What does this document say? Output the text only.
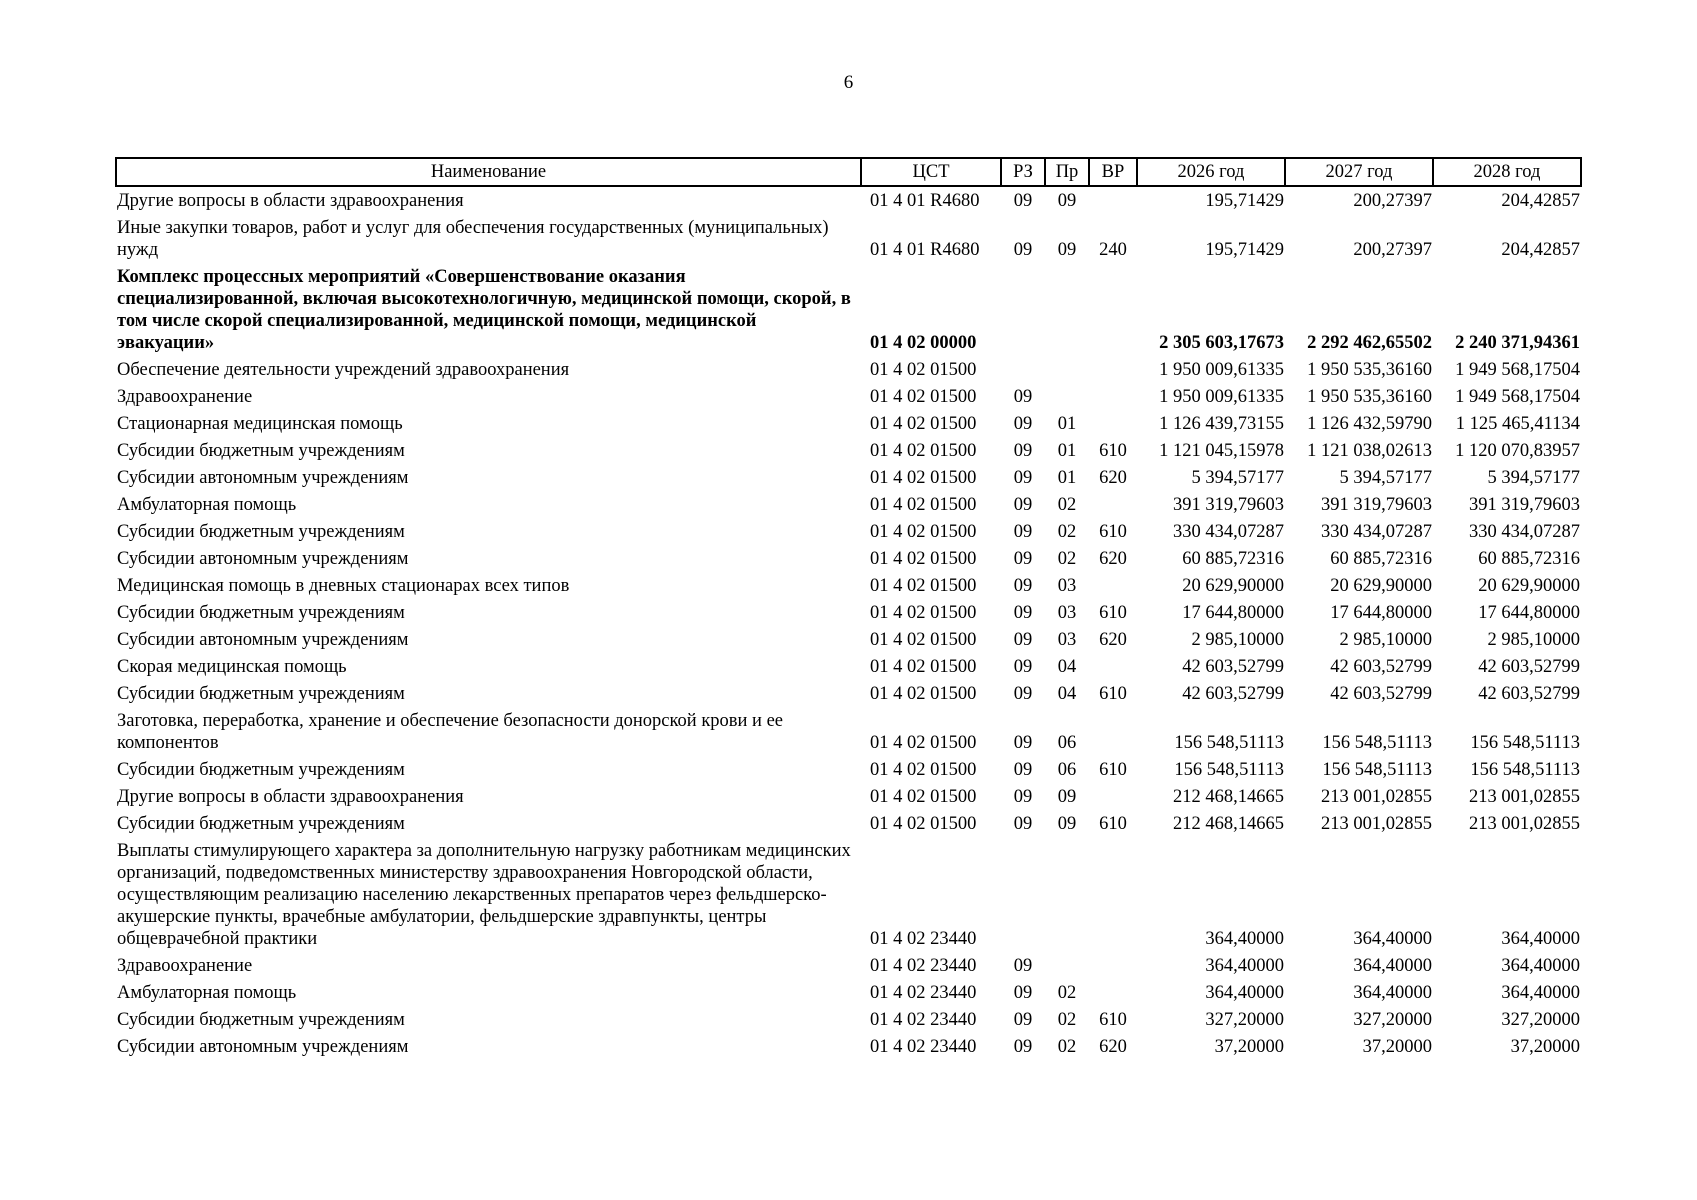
6
Наименование	ЦСТ	РЗ	Пр	ВР	2026 год	2027 год	2028 год
Другие вопросы в области здравоохранения	01 4 01 R4680	09	09		195,71429	200,27397	204,42857
Иные закупки товаров, работ и услуг для обеспечения государственных (муниципальных) нужд	01 4 01 R4680	09	09	240	195,71429	200,27397	204,42857
Комплекс процессных мероприятий «Совершенствование оказания специализированной, включая высокотехнологичную, медицинской помощи, скорой, в том числе скорой специализированной, медицинской помощи, медицинской эвакуации»	01 4 02 00000				2 305 603,17673	2 292 462,65502	2 240 371,94361
Обеспечение деятельности учреждений здравоохранения	01 4 02 01500				1 950 009,61335	1 950 535,36160	1 949 568,17504
Здравоохранение	01 4 02 01500	09			1 950 009,61335	1 950 535,36160	1 949 568,17504
Стационарная медицинская помощь	01 4 02 01500	09	01		1 126 439,73155	1 126 432,59790	1 125 465,41134
Субсидии бюджетным учреждениям	01 4 02 01500	09	01	610	1 121 045,15978	1 121 038,02613	1 120 070,83957
Субсидии автономным учреждениям	01 4 02 01500	09	01	620	5 394,57177	5 394,57177	5 394,57177
Амбулаторная помощь	01 4 02 01500	09	02		391 319,79603	391 319,79603	391 319,79603
Субсидии бюджетным учреждениям	01 4 02 01500	09	02	610	330 434,07287	330 434,07287	330 434,07287
Субсидии автономным учреждениям	01 4 02 01500	09	02	620	60 885,72316	60 885,72316	60 885,72316
Медицинская помощь в дневных стационарах всех типов	01 4 02 01500	09	03		20 629,90000	20 629,90000	20 629,90000
Субсидии бюджетным учреждениям	01 4 02 01500	09	03	610	17 644,80000	17 644,80000	17 644,80000
Субсидии автономным учреждениям	01 4 02 01500	09	03	620	2 985,10000	2 985,10000	2 985,10000
Скорая медицинская помощь	01 4 02 01500	09	04		42 603,52799	42 603,52799	42 603,52799
Субсидии бюджетным учреждениям	01 4 02 01500	09	04	610	42 603,52799	42 603,52799	42 603,52799
Заготовка, переработка, хранение и обеспечение безопасности донорской крови и ее компонентов	01 4 02 01500	09	06		156 548,51113	156 548,51113	156 548,51113
Субсидии бюджетным учреждениям	01 4 02 01500	09	06	610	156 548,51113	156 548,51113	156 548,51113
Другие вопросы в области здравоохранения	01 4 02 01500	09	09		212 468,14665	213 001,02855	213 001,02855
Субсидии бюджетным учреждениям	01 4 02 01500	09	09	610	212 468,14665	213 001,02855	213 001,02855
Выплаты стимулирующего характера за дополнительную нагрузку работникам медицинских организаций, подведомственных министерству здравоохранения Новгородской области, осуществляющим реализацию населению лекарственных препаратов через фельдшерско-акушерские пункты, врачебные амбулатории, фельдшерские здравпункты, центры общеврачебной практики	01 4 02 23440				364,40000	364,40000	364,40000
Здравоохранение	01 4 02 23440	09			364,40000	364,40000	364,40000
Амбулаторная помощь	01 4 02 23440	09	02		364,40000	364,40000	364,40000
Субсидии бюджетным учреждениям	01 4 02 23440	09	02	610	327,20000	327,20000	327,20000
Субсидии автономным учреждениям	01 4 02 23440	09	02	620	37,20000	37,20000	37,20000
